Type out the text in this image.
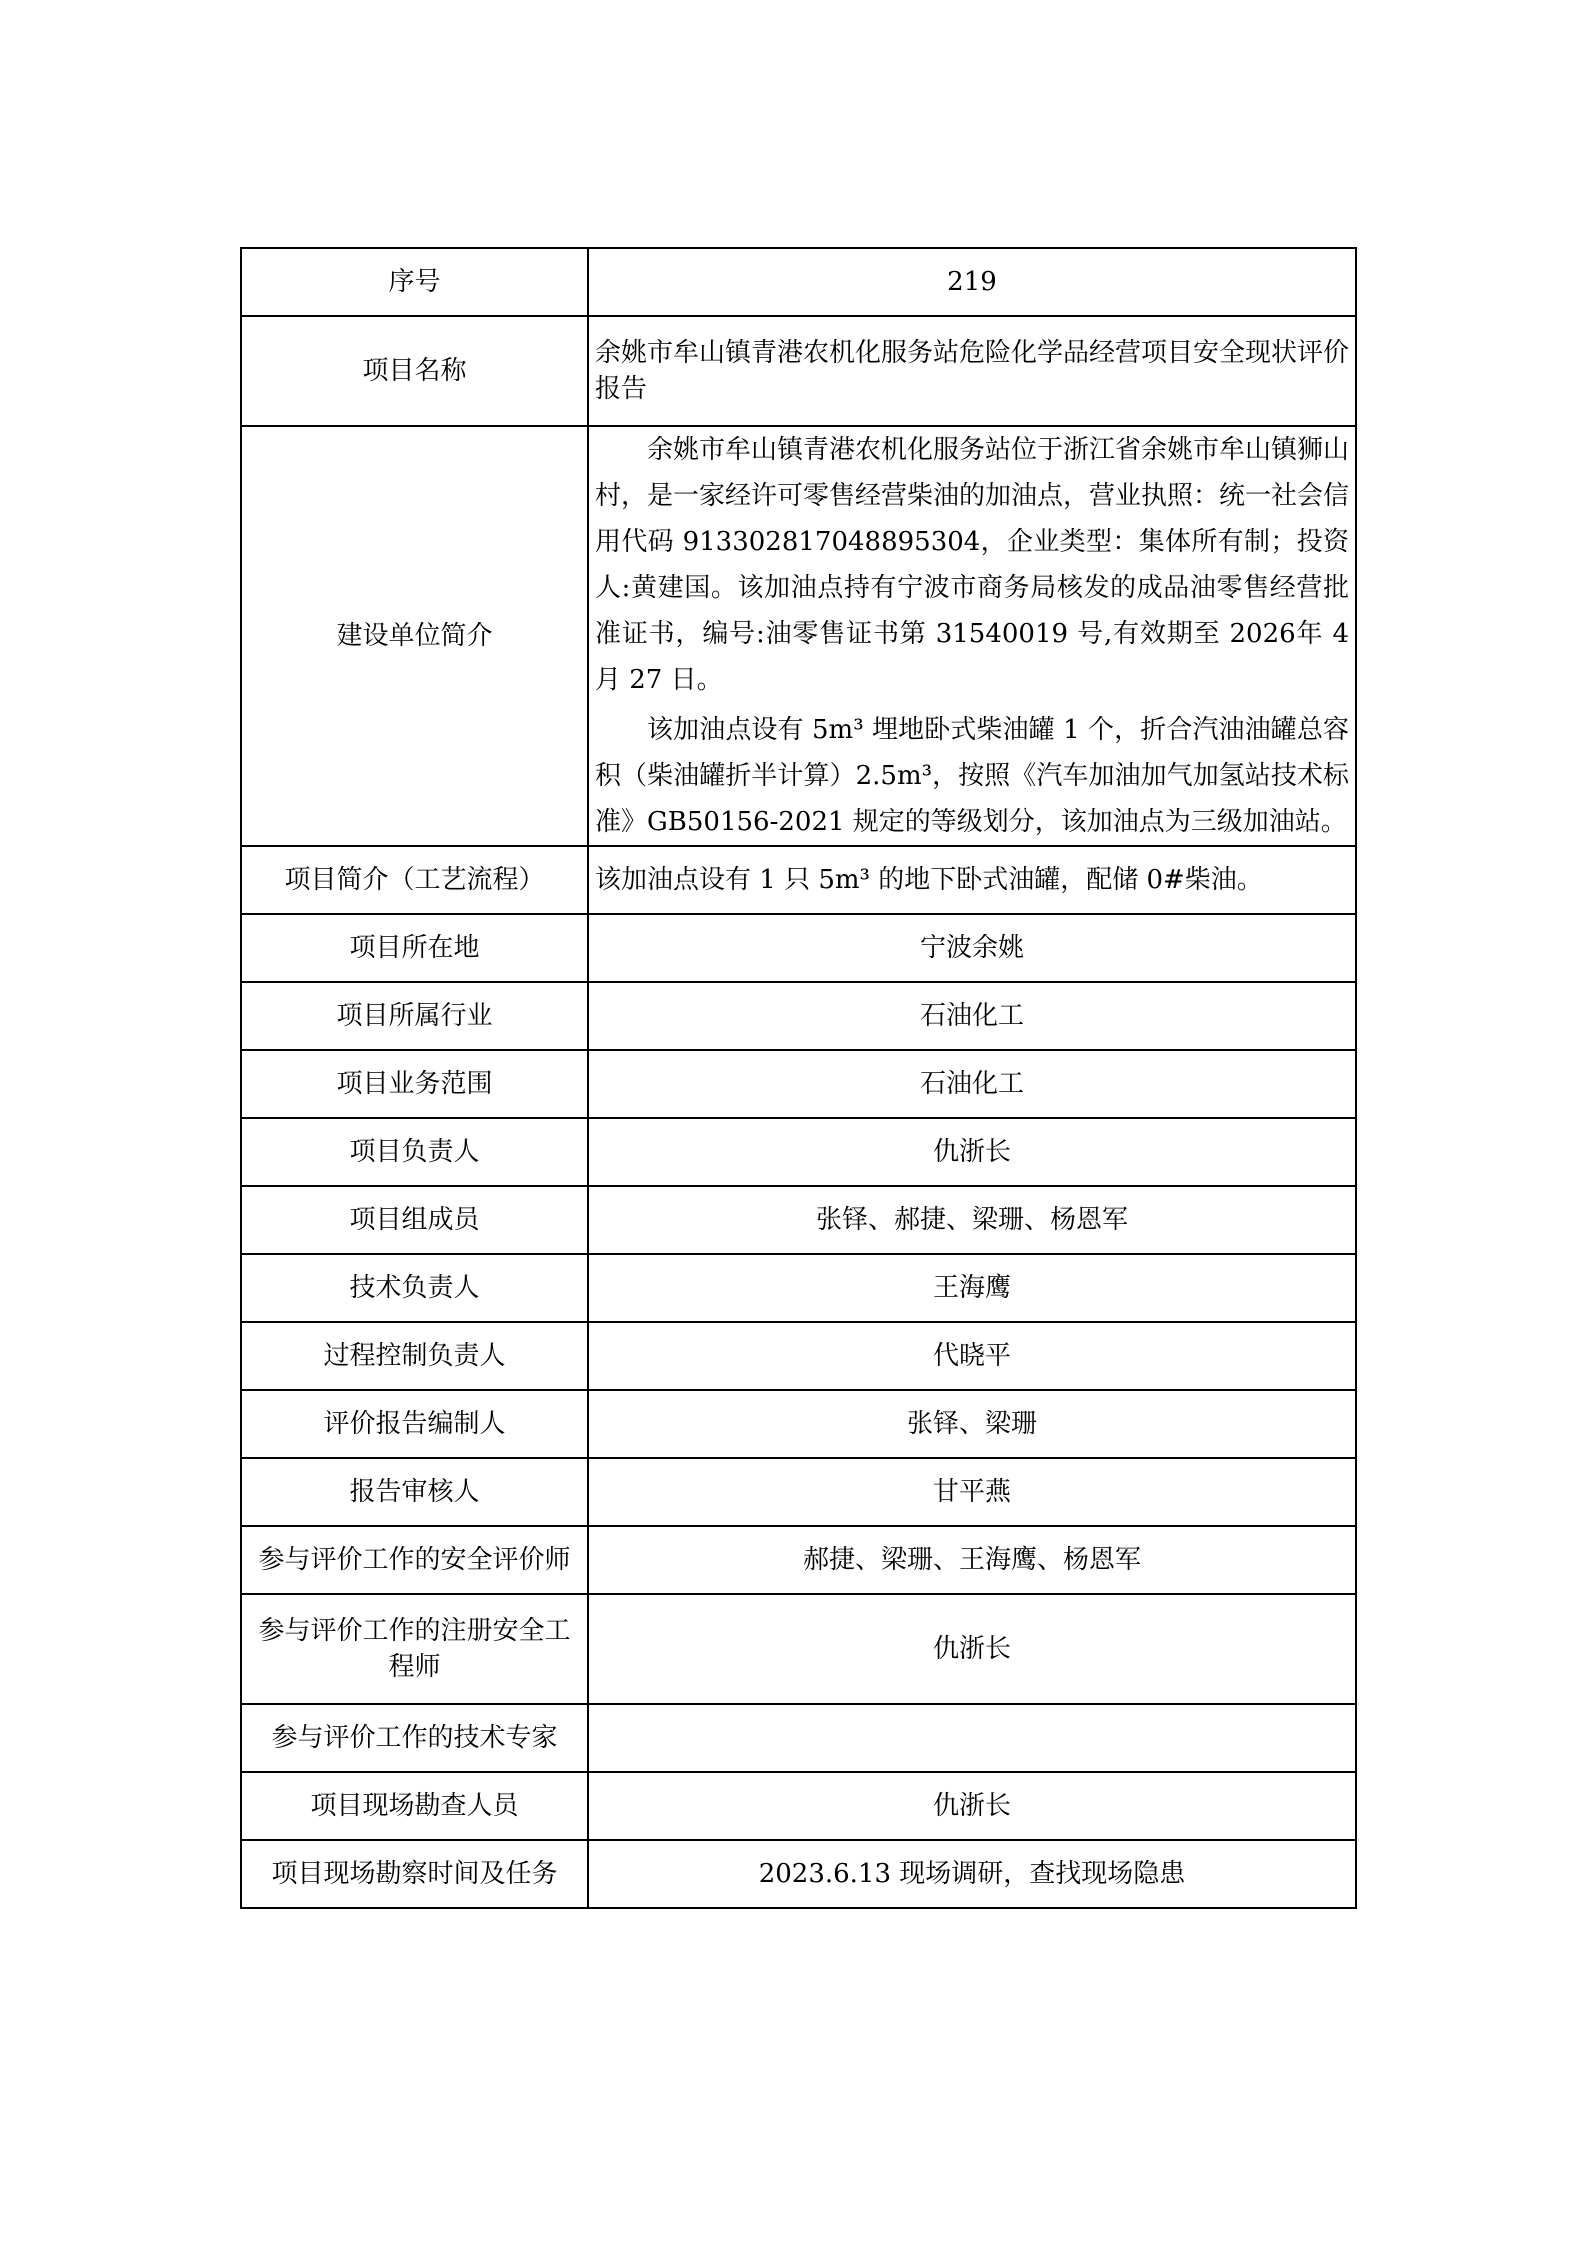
序号	219
项目名称	余姚市牟山镇青港农机化服务站危险化学品经营项目安全现状评价报告
建设单位简介	余姚市牟山镇青港农机化服务站位于浙江省余姚市牟山镇狮山村，是一家经许可零售经营柴油的加油点，营业执照：统一社会信用代码 91330281704889530​4，企业类型：集体所有制；投资人:黄建国。该加油点持有宁波市商务局核发的成品油零售经营批准证书，编号:油零售证书第 31540019 号,有效期至 2026年 4 月 27 日。

该加油点设有 5m³ 埋地卧式柴油罐 1 个，折合汽油油罐总容积（柴油罐折半计算）2.5m³，按照《汽车加油加气加氢站技术标准》GB50156-2021 规定的等级划分，该加油点为三级加油站。

项目简介（工艺流程）	该加油点设有 1 只 5m³ 的地下卧式油罐，配储 0#柴油。
项目所在地	宁波余姚
项目所属行业	石油化工
项目业务范围	石油化工
项目负责人	仇浙长
项目组成员	张铎、郝捷、梁珊、杨恩军
技术负责人	王海鹰
过程控制负责人	代晓平
评价报告编制人	张铎、梁珊
报告审核人	甘平燕
参与评价工作的安全评价师	郝捷、梁珊、王海鹰、杨恩军
参与评价工作的注册安全工程师	仇浙长
参与评价工作的技术专家	
项目现场勘查人员	仇浙长
项目现场勘察时间及任务	2023.6.13 现场调研，查找现场隐患
